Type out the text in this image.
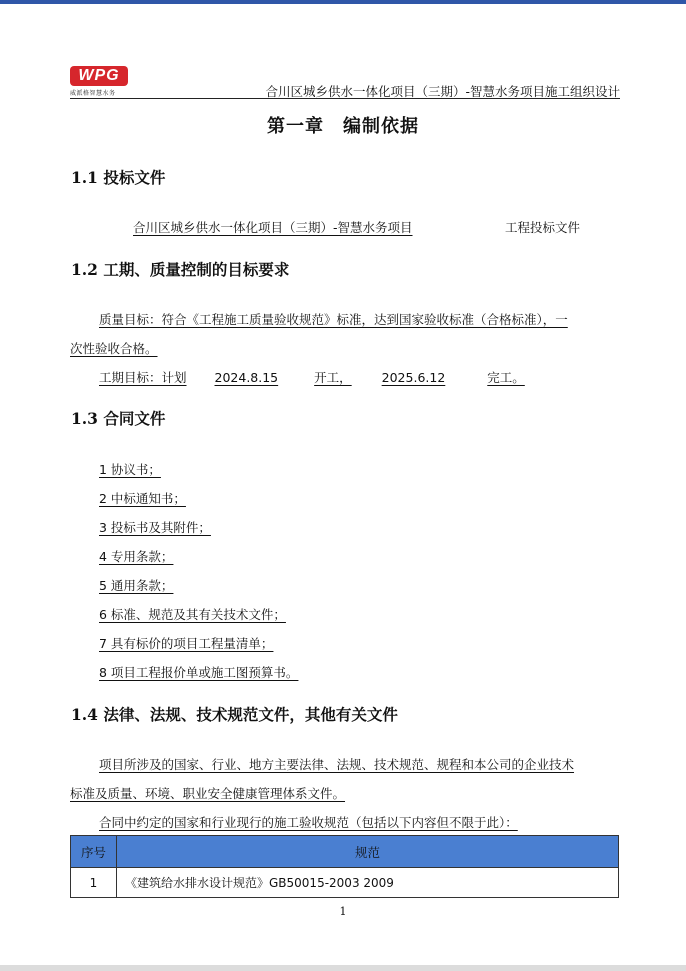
WPG
威派格智慧水务	合川区城乡供水一体化项目（三期）-智慧水务项目施工组织设计
第一章　编制依据
1.1 投标文件
合川区城乡供水一体化项目（三期）-智慧水务项目	工程投标文件
1.2 工期、质量控制的目标要求
质量目标：符合《工程施工质量验收规范》标准，达到国家验收标准（合格标准），一
次性验收合格。
工期目标：计划 2024.8.15	开工， 2025.6.12	完工。
1.3 合同文件
1 协议书；
2 中标通知书；
3 投标书及其附件；
4 专用条款；
5 通用条款；
6 标准、规范及其有关技术文件；
7 具有标价的项目工程量清单；
8 项目工程报价单或施工图预算书。
1.4 法律、法规、技术规范文件，其他有关文件
项目所涉及的国家、行业、地方主要法律、法规、技术规范、规程和本公司的企业技术
标准及质量、环境、职业安全健康管理体系文件。
合同中约定的国家和行业现行的施工验收规范（包括以下内容但不限于此）：
序号	规范
1	《建筑给水排水设计规范》GB50015-2003 2009
1
